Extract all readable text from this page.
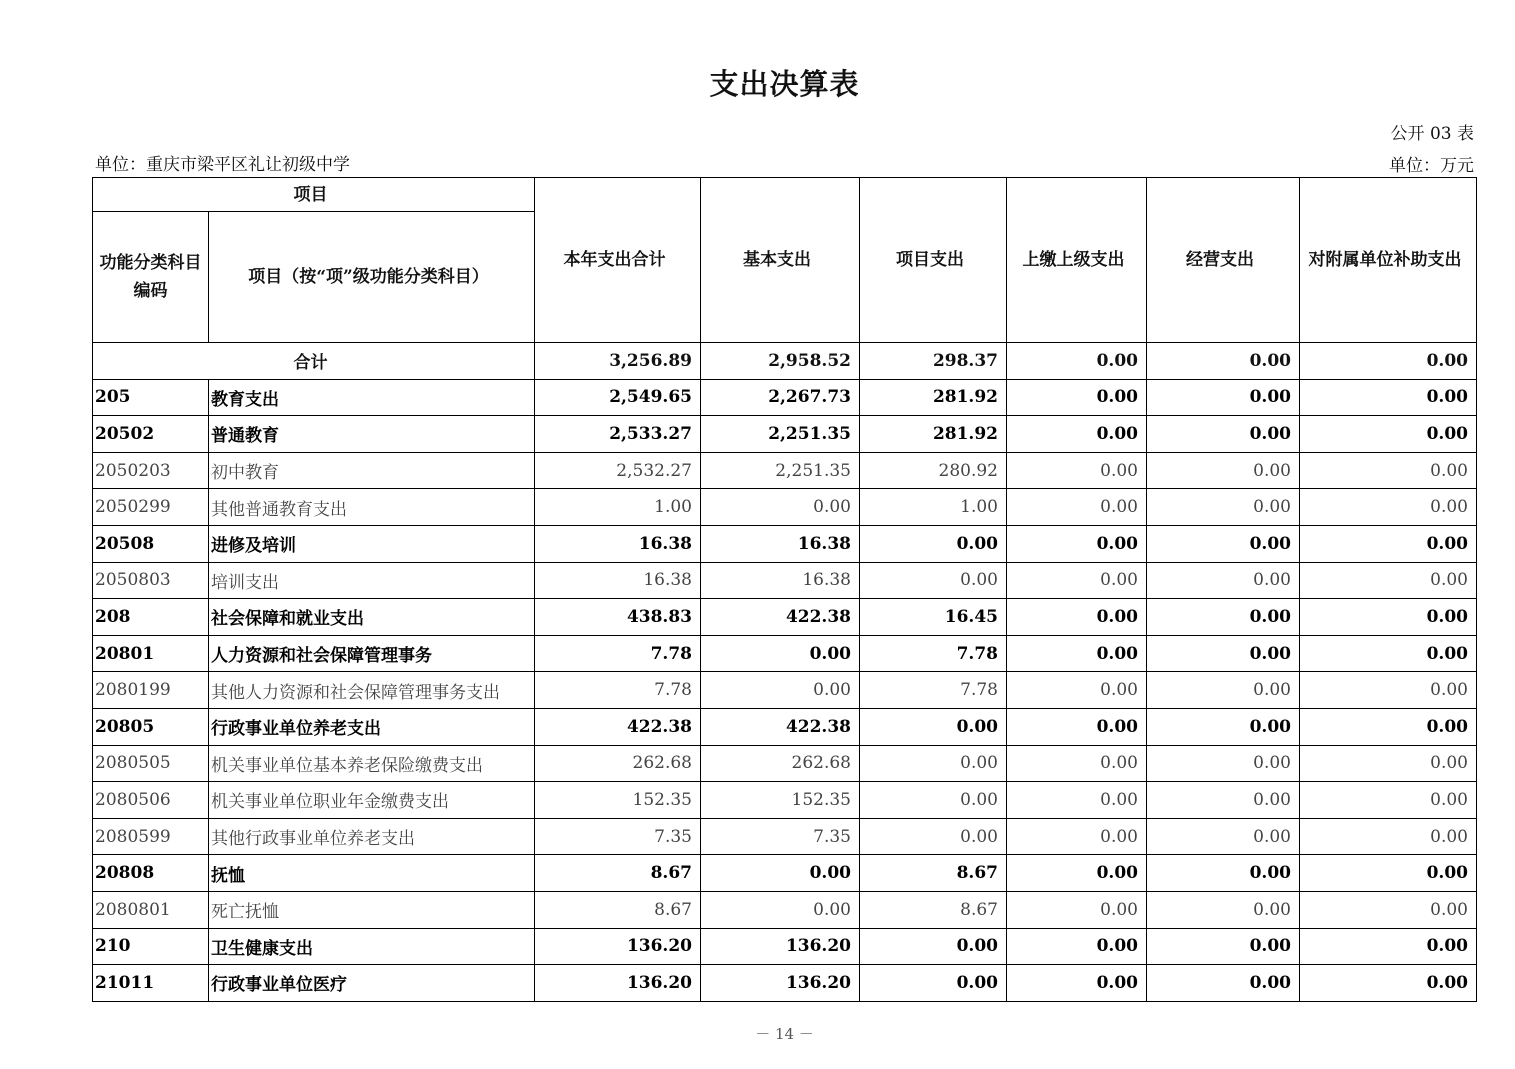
支出决算表
公开 03 表
单位：重庆市梁平区礼让初级中学	单位：万元
项目		本年支出合计	基本支出	项目支出	上缴上级支出	经营支出	对附属单位补助支出
功能分类科目编码	项目（按“项”级功能分类科目）						
合计		3,256.89	2,958.52	298.37	0.00	0.00	0.00
205	教育支出	2,549.65	2,267.73	281.92	0.00	0.00	0.00
20502	普通教育	2,533.27	2,251.35	281.92	0.00	0.00	0.00
2050203	初中教育	2,532.27	2,251.35	280.92	0.00	0.00	0.00
2050299	其他普通教育支出	1.00	0.00	1.00	0.00	0.00	0.00
20508	进修及培训	16.38	16.38	0.00	0.00	0.00	0.00
2050803	培训支出	16.38	16.38	0.00	0.00	0.00	0.00
208	社会保障和就业支出	438.83	422.38	16.45	0.00	0.00	0.00
20801	人力资源和社会保障管理事务	7.78	0.00	7.78	0.00	0.00	0.00
2080199	其他人力资源和社会保障管理事务支出	7.78	0.00	7.78	0.00	0.00	0.00
20805	行政事业单位养老支出	422.38	422.38	0.00	0.00	0.00	0.00
2080505	机关事业单位基本养老保险缴费支出	262.68	262.68	0.00	0.00	0.00	0.00
2080506	机关事业单位职业年金缴费支出	152.35	152.35	0.00	0.00	0.00	0.00
2080599	其他行政事业单位养老支出	7.35	7.35	0.00	0.00	0.00	0.00
20808	抚恤	8.67	0.00	8.67	0.00	0.00	0.00
2080801	死亡抚恤	8.67	0.00	8.67	0.00	0.00	0.00
210	卫生健康支出	136.20	136.20	0.00	0.00	0.00	0.00
21011	行政事业单位医疗	136.20	136.20	0.00	0.00	0.00	0.00
－ 14 －
